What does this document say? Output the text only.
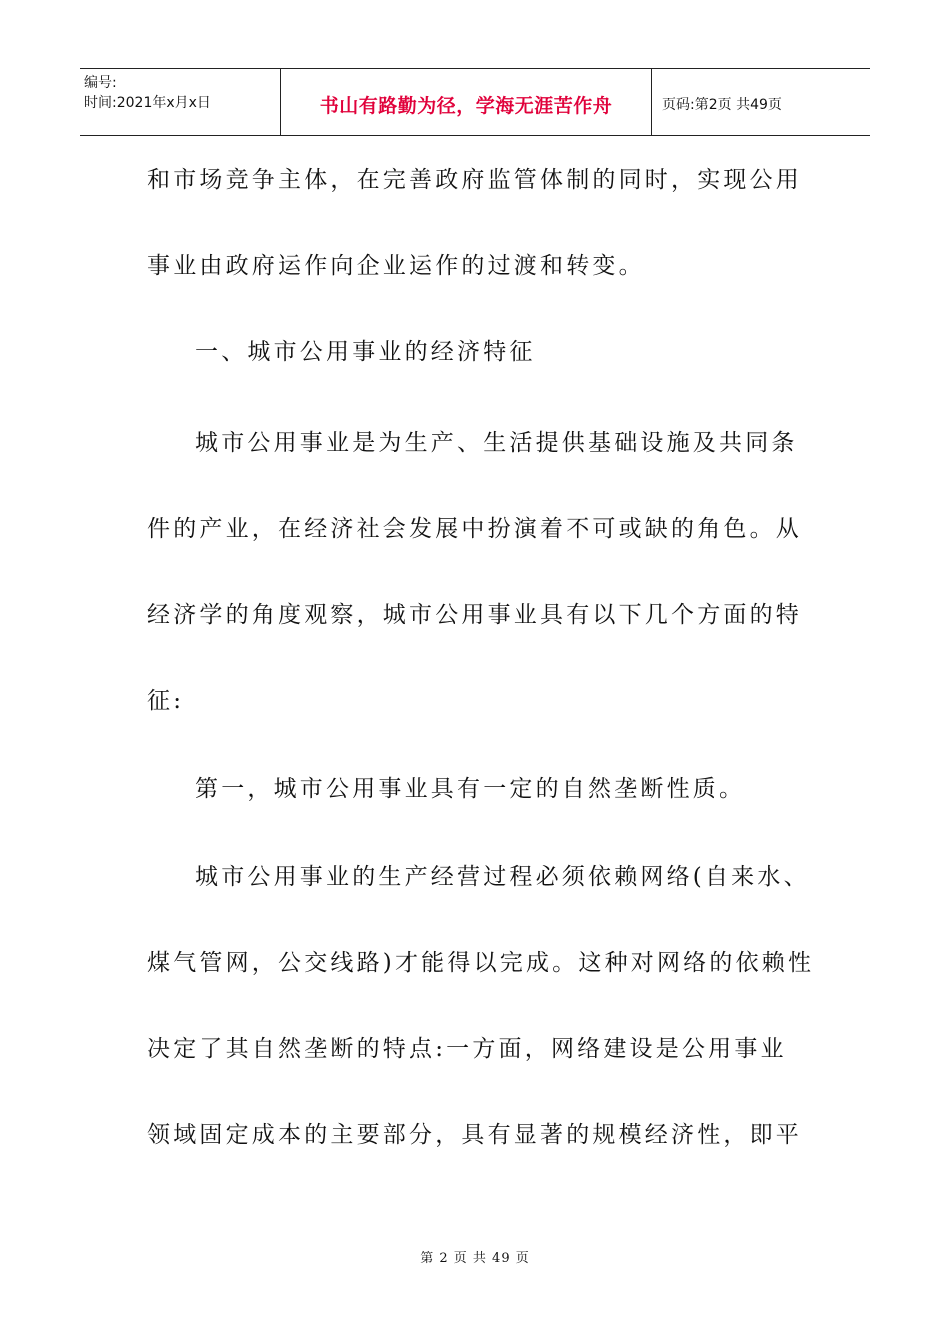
编号:
时间:2021年x月x日	书山有路勤为径，学海无涯苦作舟	页码:第2页 共49页
和市场竞争主体，在完善政府监管体制的同时，实现公用
事业由政府运作向企业运作的过渡和转变。
一、城市公用事业的经济特征
城市公用事业是为生产、生活提供基础设施及共同条
件的产业，在经济社会发展中扮演着不可或缺的角色。从
经济学的角度观察，城市公用事业具有以下几个方面的特
征:
第一，城市公用事业具有一定的自然垄断性质。
城市公用事业的生产经营过程必须依赖网络(自来水、
煤气管网，公交线路)才能得以完成。这种对网络的依赖性
决定了其自然垄断的特点:一方面，网络建设是公用事业
领域固定成本的主要部分，具有显著的规模经济性，即平
第 2 页 共 49 页
